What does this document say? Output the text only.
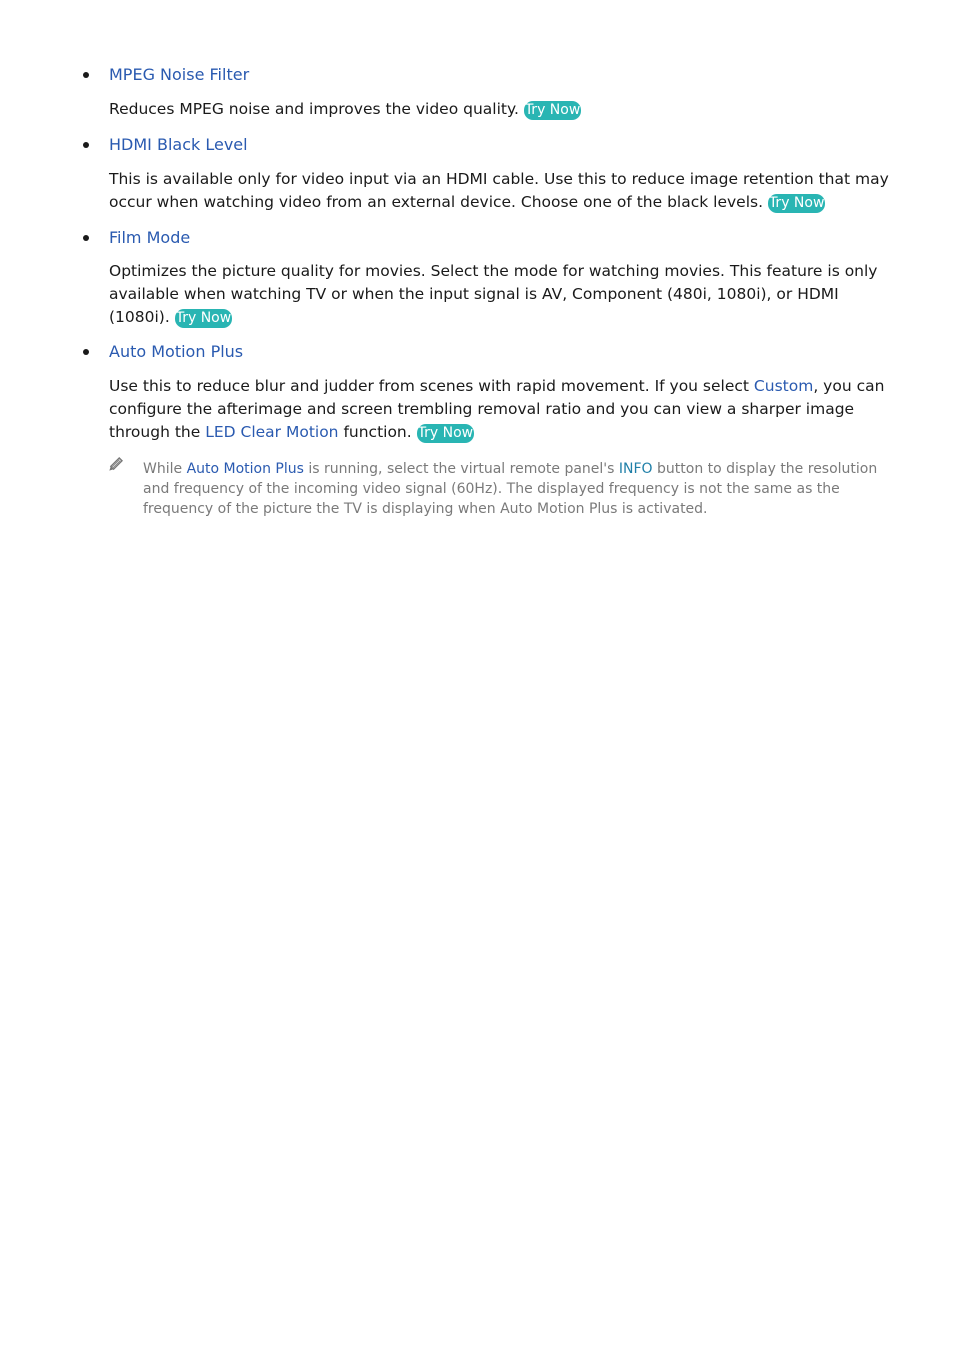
MPEG Noise Filter
Reduces MPEG noise and improves the video quality. Try Now
HDMI Black Level
This is available only for video input via an HDMI cable. Use this to reduce image retention that may occur when watching video from an external device. Choose one of the black levels. Try Now
Film Mode
Optimizes the picture quality for movies. Select the mode for watching movies. This feature is only available when watching TV or when the input signal is AV, Component (480i, 1080i), or HDMI (1080i). Try Now
Auto Motion Plus
Use this to reduce blur and judder from scenes with rapid movement. If you select Custom, you can configure the afterimage and screen trembling removal ratio and you can view a sharper image through the LED Clear Motion function. Try Now
While Auto Motion Plus is running, select the virtual remote panel's INFO button to display the resolution and frequency of the incoming video signal (60Hz). The displayed frequency is not the same as the frequency of the picture the TV is displaying when Auto Motion Plus is activated.
